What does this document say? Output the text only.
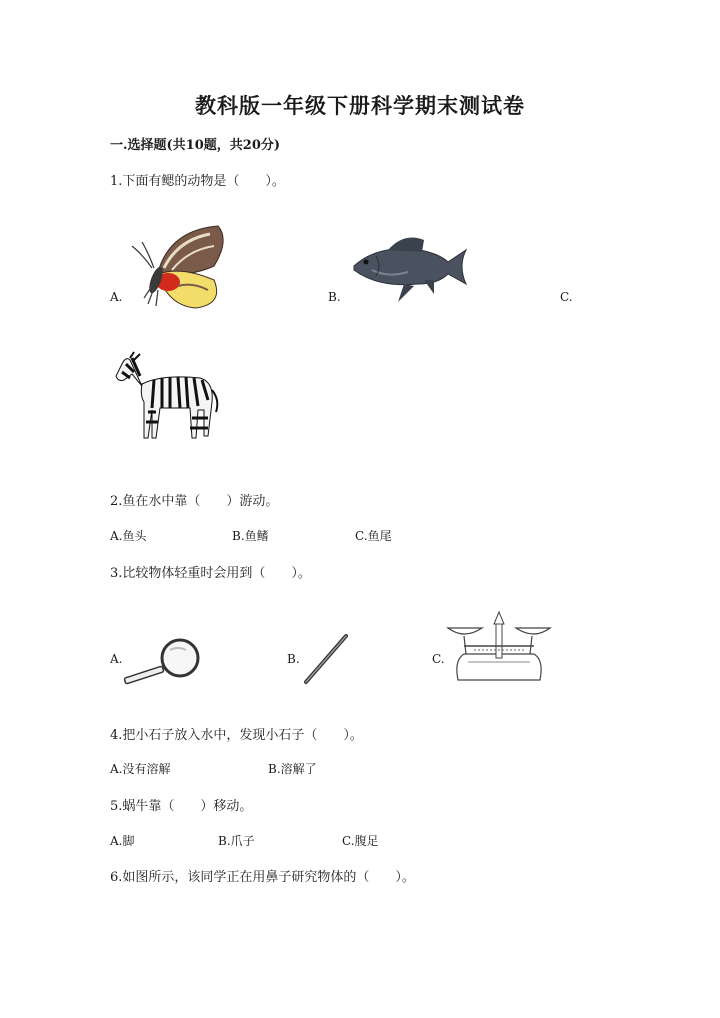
教科版一年级下册科学期末测试卷
一.选择题(共10题，共20分)
1.下面有鳃的动物是（　　）。
A.	B.	C.
2.鱼在水中靠（　　）游动。
A.鱼头	B.鱼鳍	C.鱼尾
3.比较物体轻重时会用到（　　）。
A.	B.	C.
4.把小石子放入水中，发现小石子（　　）。
A.没有溶解	B.溶解了
5.蜗牛靠（　　）移动。
A.脚	B.爪子	C.腹足
6.如图所示，该同学正在用鼻子研究物体的（　　）。
